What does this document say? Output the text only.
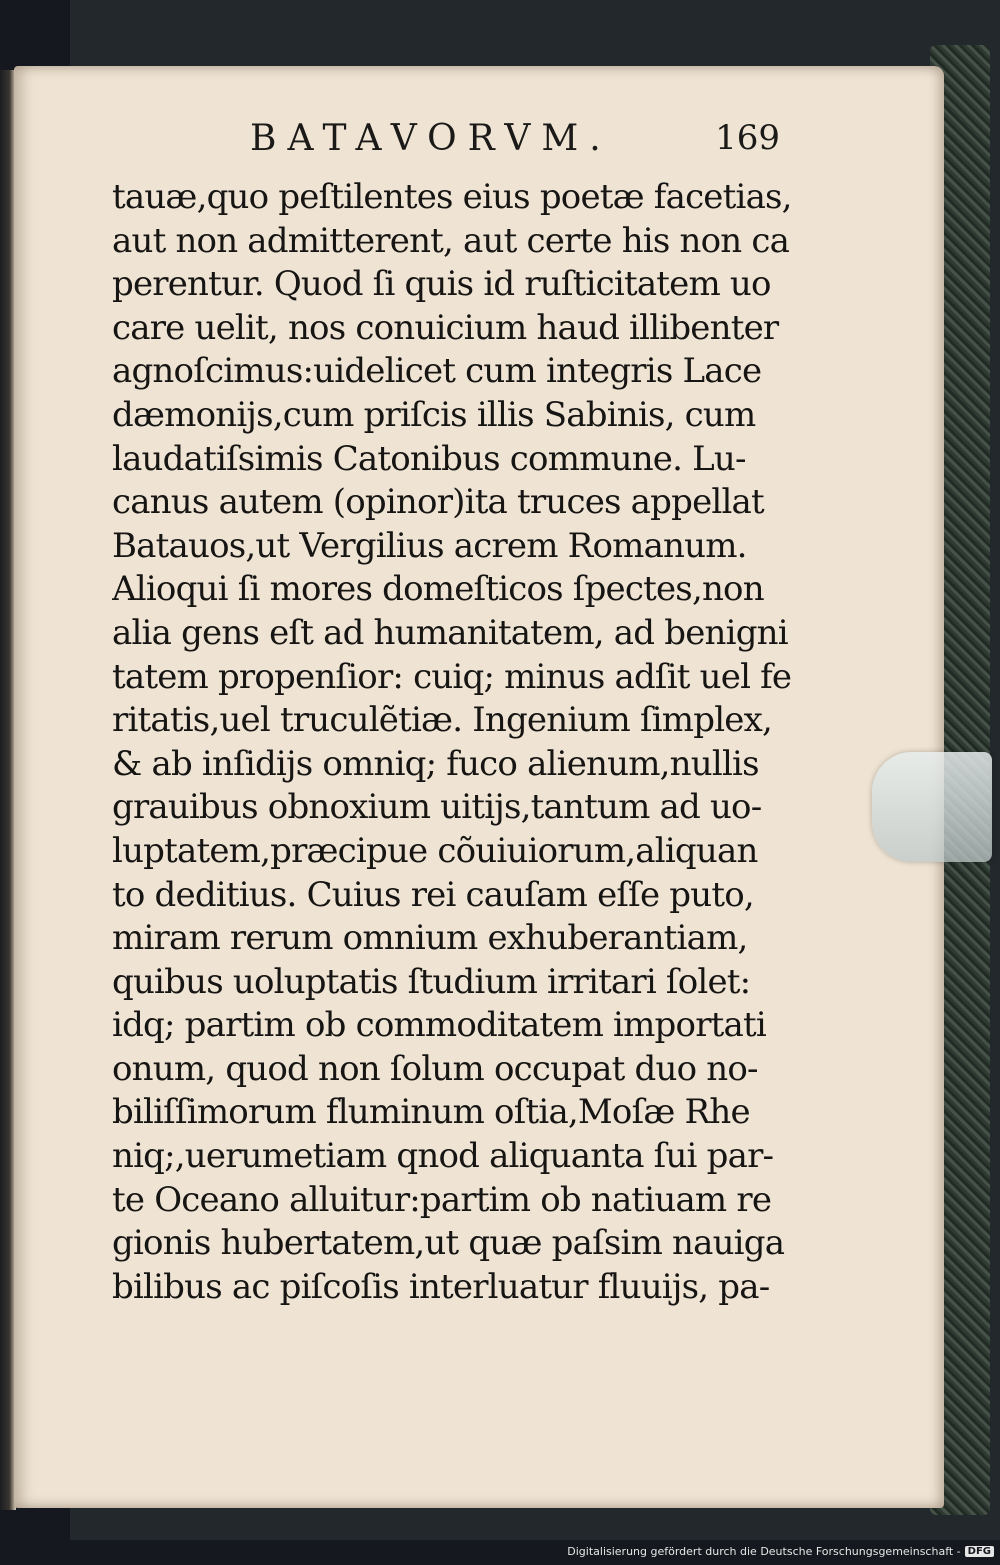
BATAVORVM.	169
tauæ,quo peſtilentes eius poetæ facetias,
aut non admitterent, aut certe his non ca
perentur. Quod ſi quis id ruſticitatem uo
care uelit, nos conuicium haud illibenter
agnoſcimus:uidelicet cum integris Lace
dæmonijs,cum priſcis illis Sabinis, cum
laudatiſsimis Catonibus commune. Lu-
canus autem (opinor)ita truces appellat
Batauos,ut Vergilius acrem Romanum.
Alioqui ſi mores domeſticos ſpectes,non
alia gens eſt ad humanitatem, ad benigni
tatem propenſior: cuiq; minus adſit uel fe
ritatis,uel truculẽtiæ. Ingenium ſimplex,
& ab inſidijs omniq; fuco alienum,nullis
grauibus obnoxium uitijs,tantum ad uo-
luptatem,præcipue cõuiuiorum,aliquan
to deditius. Cuius rei cauſam eſſe puto,
miram rerum omnium exhuberantiam,
quibus uoluptatis ſtudium irritari ſolet:
idq; partim ob commoditatem importati
onum, quod non ſolum occupat duo no-
biliſſimorum fluminum oſtia,Moſæ Rhe
niq;,uerumetiam qnod aliquanta ſui par-
te Oceano alluitur:partim ob natiuam re
gionis hubertatem,ut quæ paſsim nauiga
bilibus ac piſcoſis interluatur fluuijs, pa-
Digitalisierung gefördert durch die Deutsche Forschungsgemeinschaft - DFG
